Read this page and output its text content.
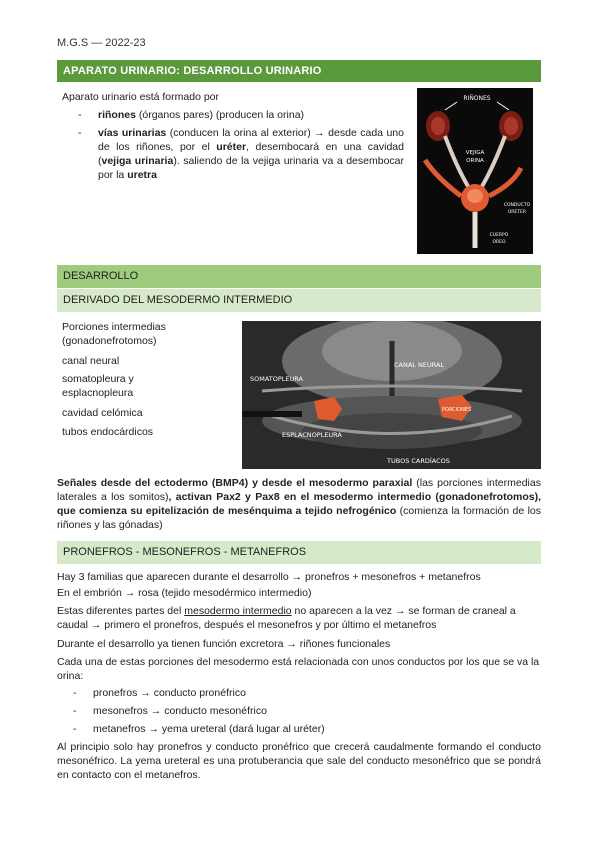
M.G.S — 2022-23
APARATO URINARIO: DESARROLLO URINARIO
Aparato urinario está formado por
- riñones (órganos pares) (producen la orina)
- vías urinarias (conducen la orina al exterior) → desde cada uno de los riñones, por el uréter, desembocará en una cavidad (vejiga urinaria). saliendo de la vejiga urinaria va a desembocar por la uretra
RIÑONES
VEJIGA
ORINA
CONDUCTO
ÚRETER
CUERPO
OREO
DESARROLLO
DERIVADO DEL MESODERMO INTERMEDIO
Porciones intermedias (gonadonefrotomos)
canal neural
somatopleura y esplacnopleura
cavidad celómica
tubos endocárdicos
CANAL NEURAL
SOMATOPLEURA
ESPLACNOPLEURA
TUBOS CARDÍACOS
PORCIONES
Señales desde del ectodermo (BMP4) y desde el mesodermo paraxial (las porciones intermedias laterales a los somitos), activan Pax2 y Pax8 en el mesodermo intermedio (gonadonefrotomos), que comienza su epitelización de mesénquima a tejido nefrogénico (comienza la formación de los riñones y las gónadas)
PRONEFROS - MESONEFROS - METANEFROS
Hay 3 familias que aparecen durante el desarrollo → pronefros + mesonefros + metanefros
En el embrión → rosa (tejido mesodérmico intermedio)
Estas diferentes partes del mesodermo intermedio no aparecen a la vez → se forman de craneal a caudal → primero el pronefros, después el mesonefros y por último el metanefros
Durante el desarrollo ya tienen función excretora → riñones funcionales
Cada una de estas porciones del mesodermo está relacionada con unos conductos por los que se va la orina:
- pronefros → conducto pronéfrico
- mesonefros → conducto mesonéfrico
- metanefros → yema ureteral (dará lugar al uréter)
Al principio solo hay pronefros y conducto pronéfrico que crecerá caudalmente formando el conducto mesonéfrico. La yema ureteral es una protuberancia que sale del conducto mesonéfrico que se pondrá en contacto con el metanefros.
